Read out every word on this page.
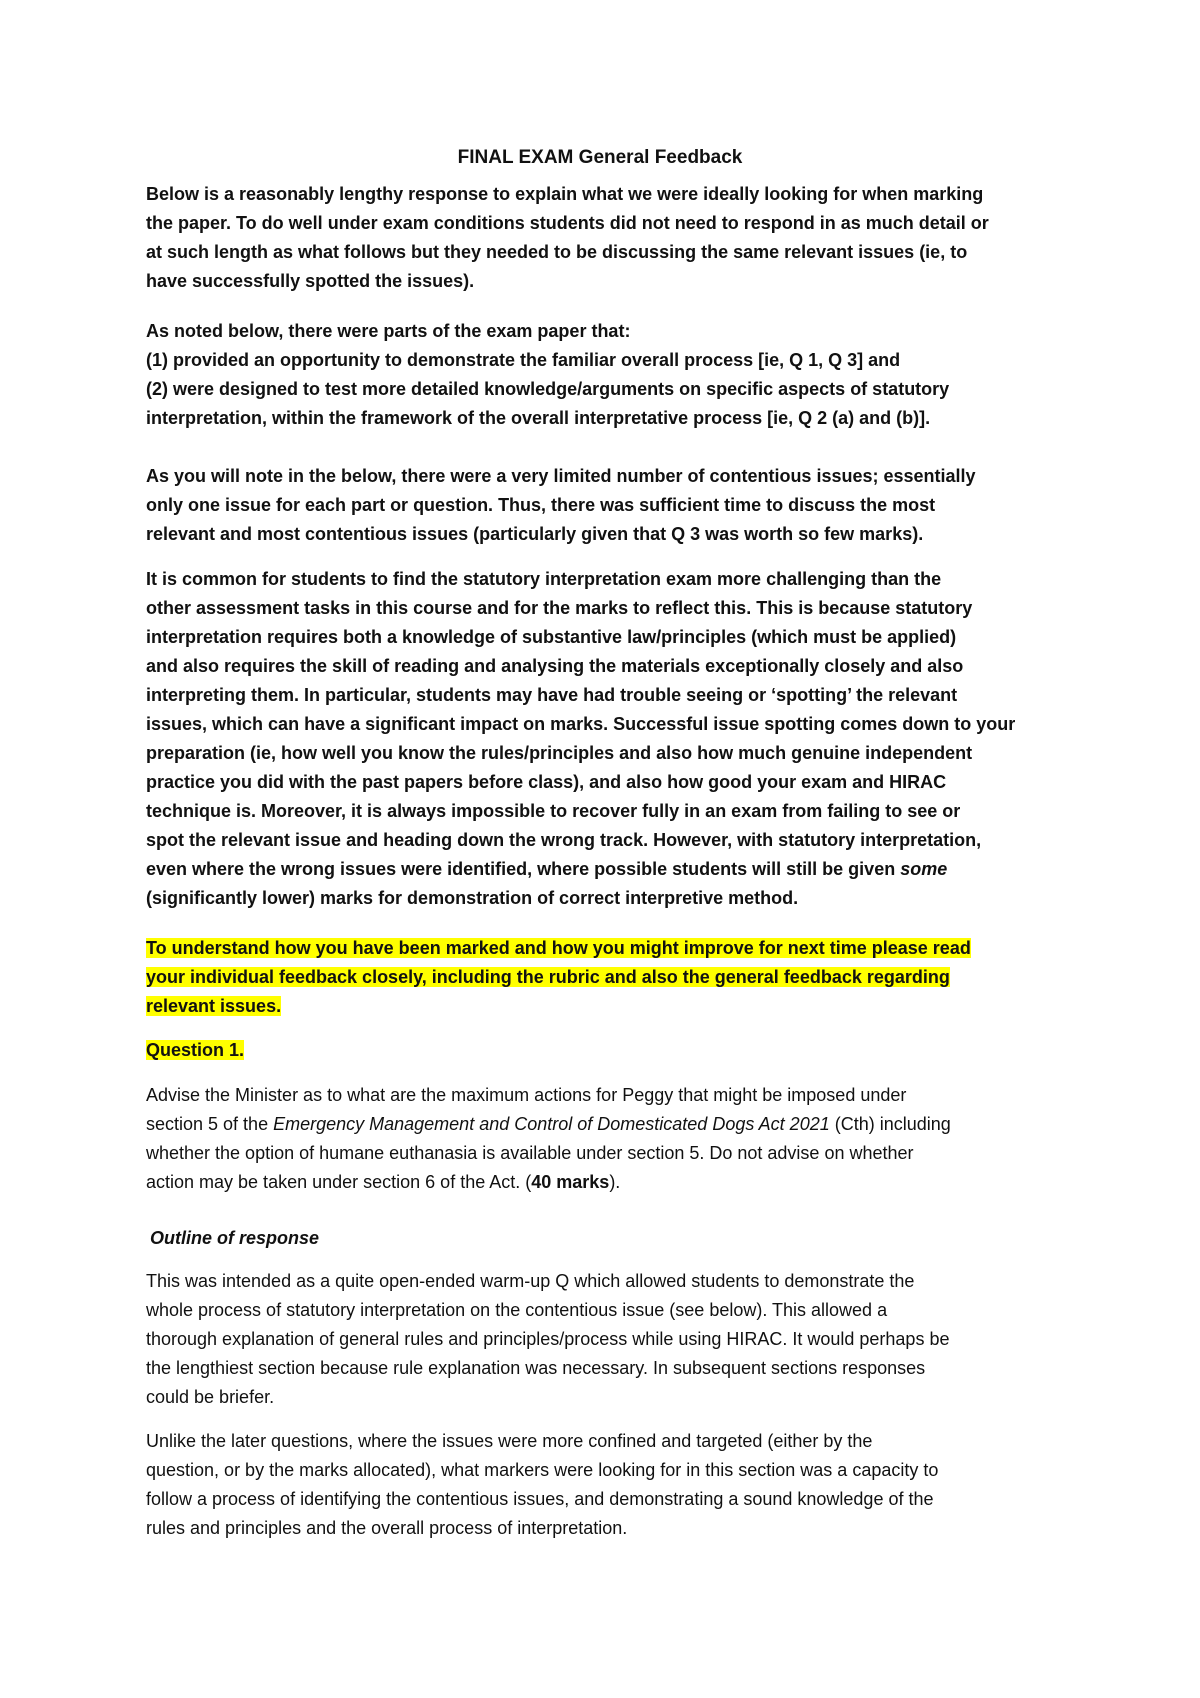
FINAL EXAM General Feedback

Below is a reasonably lengthy response to explain what we were ideally looking for when marking
the paper. To do well under exam conditions students did not need to respond in as much detail or
at such length as what follows but they needed to be discussing the same relevant issues (ie, to
have successfully spotted the issues).

As noted below, there were parts of the exam paper that:
(1) provided an opportunity to demonstrate the familiar overall process [ie, Q 1, Q 3] and
(2) were designed to test more detailed knowledge/arguments on specific aspects of statutory
interpretation, within the framework of the overall interpretative process [ie, Q 2 (a) and (b)].

As you will note in the below, there were a very limited number of contentious issues; essentially
only one issue for each part or question. Thus, there was sufficient time to discuss the most
relevant and most contentious issues (particularly given that Q 3 was worth so few marks).

It is common for students to find the statutory interpretation exam more challenging than the
other assessment tasks in this course and for the marks to reflect this. This is because statutory
interpretation requires both a knowledge of substantive law/principles (which must be applied)
and also requires the skill of reading and analysing the materials exceptionally closely and also
interpreting them. In particular, students may have had trouble seeing or ‘spotting’ the relevant
issues, which can have a significant impact on marks. Successful issue spotting comes down to your
preparation (ie, how well you know the rules/principles and also how much genuine independent
practice you did with the past papers before class), and also how good your exam and HIRAC
technique is. Moreover, it is always impossible to recover fully in an exam from failing to see or
spot the relevant issue and heading down the wrong track. However, with statutory interpretation,
even where the wrong issues were identified, where possible students will still be given some
(significantly lower) marks for demonstration of correct interpretive method.

To understand how you have been marked and how you might improve for next time please read
your individual feedback closely, including the rubric and also the general feedback regarding
relevant issues.

Question 1.

Advise the Minister as to what are the maximum actions for Peggy that might be imposed under
section 5 of the Emergency Management and Control of Domesticated Dogs Act 2021 (Cth) including
whether the option of humane euthanasia is available under section 5. Do not advise on whether
action may be taken under section 6 of the Act. (40 marks).

Outline of response

This was intended as a quite open-ended warm-up Q which allowed students to demonstrate the
whole process of statutory interpretation on the contentious issue (see below). This allowed a
thorough explanation of general rules and principles/process while using HIRAC. It would perhaps be
the lengthiest section because rule explanation was necessary. In subsequent sections responses
could be briefer.

Unlike the later questions, where the issues were more confined and targeted (either by the
question, or by the marks allocated), what markers were looking for in this section was a capacity to
follow a process of identifying the contentious issues, and demonstrating a sound knowledge of the
rules and principles and the overall process of interpretation.
